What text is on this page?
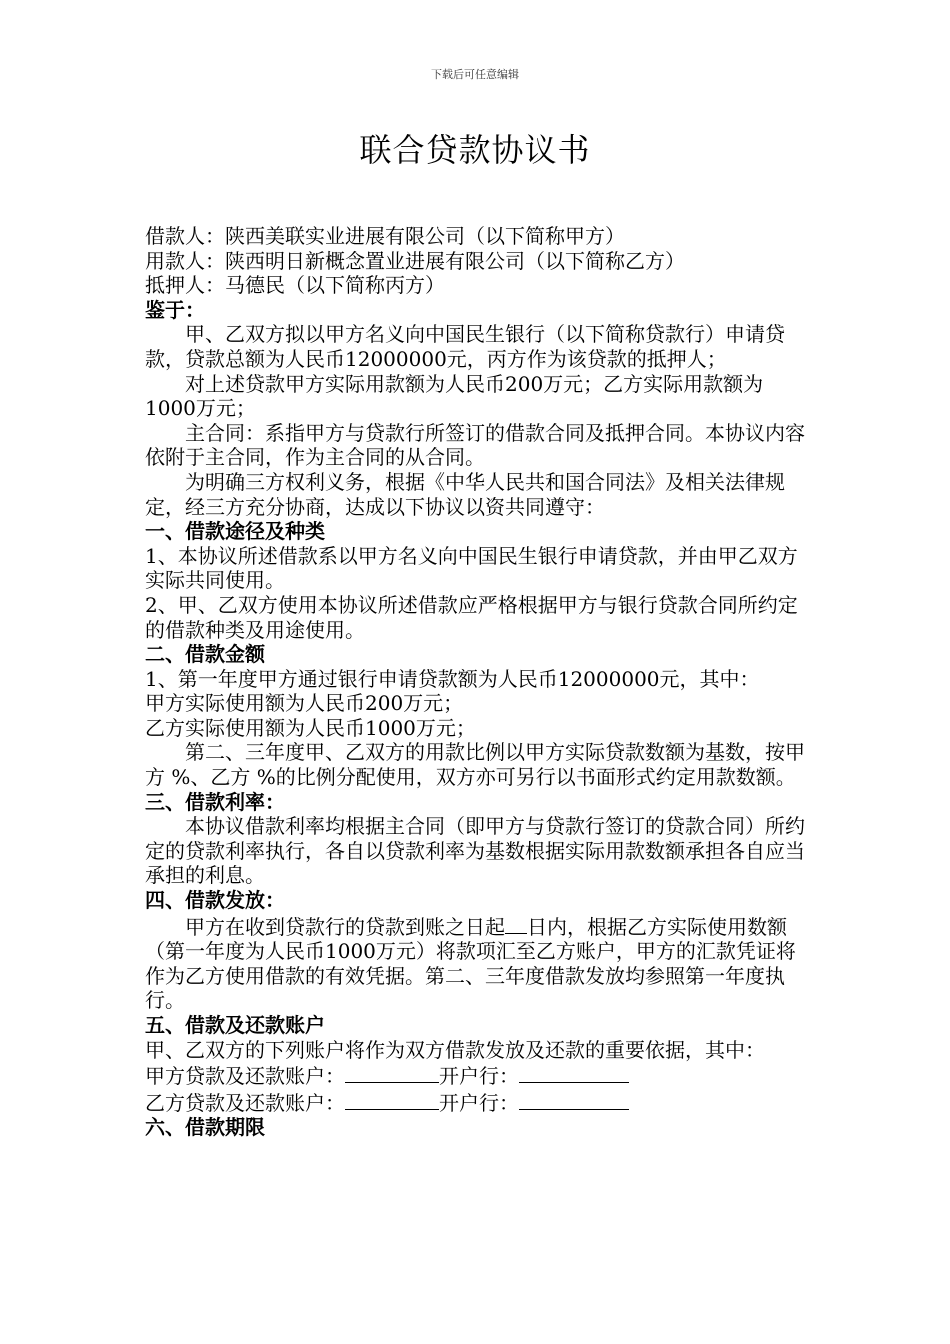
下载后可任意编辑
联合贷款协议书

借款人：陕西美联实业进展有限公司（以下简称甲方）

用款人：陕西明日新概念置业进展有限公司（以下简称乙方）

抵押人：马德民（以下简称丙方）

鉴于：

甲、乙双方拟以甲方名义向中国民生银行（以下简称贷款行）申请贷款，贷款总额为人民币12000000元，丙方作为该贷款的抵押人；

对上述贷款甲方实际用款额为人民币200万元；乙方实际用款额为1000万元；

主合同：系指甲方与贷款行所签订的借款合同及抵押合同。本协议内容依附于主合同，作为主合同的从合同。

为明确三方权利义务，根据《中华人民共和国合同法》及相关法律规定，经三方充分协商，达成以下协议以资共同遵守：

一、借款途径及种类

1、本协议所述借款系以甲方名义向中国民生银行申请贷款，并由甲乙双方实际共同使用。

2、甲、乙双方使用本协议所述借款应严格根据甲方与银行贷款合同所约定的借款种类及用途使用。

二、借款金额

1、第一年度甲方通过银行申请贷款额为人民币12000000元，其中：

甲方实际使用额为人民币200万元；

乙方实际使用额为人民币1000万元；

第二、三年度甲、乙双方的用款比例以甲方实际贷款数额为基数，按甲方 %、乙方 %的比例分配使用，双方亦可另行以书面形式约定用款数额。

三、借款利率：

本协议借款利率均根据主合同（即甲方与贷款行签订的贷款合同）所约定的贷款利率执行，各自以贷款利率为基数根据实际用款数额承担各自应当承担的利息。

四、借款发放：

甲方在收到贷款行的贷款到账之日起 日内，根据乙方实际使用数额（第一年度为人民币1000万元）将款项汇至乙方账户，甲方的汇款凭证将作为乙方使用借款的有效凭据。第二、三年度借款发放均参照第一年度执行。

五、借款及还款账户

甲、乙双方的下列账户将作为双方借款发放及还款的重要依据，其中：

甲方贷款及还款账户：	开户行：

乙方贷款及还款账户：	开户行：

六、借款期限
